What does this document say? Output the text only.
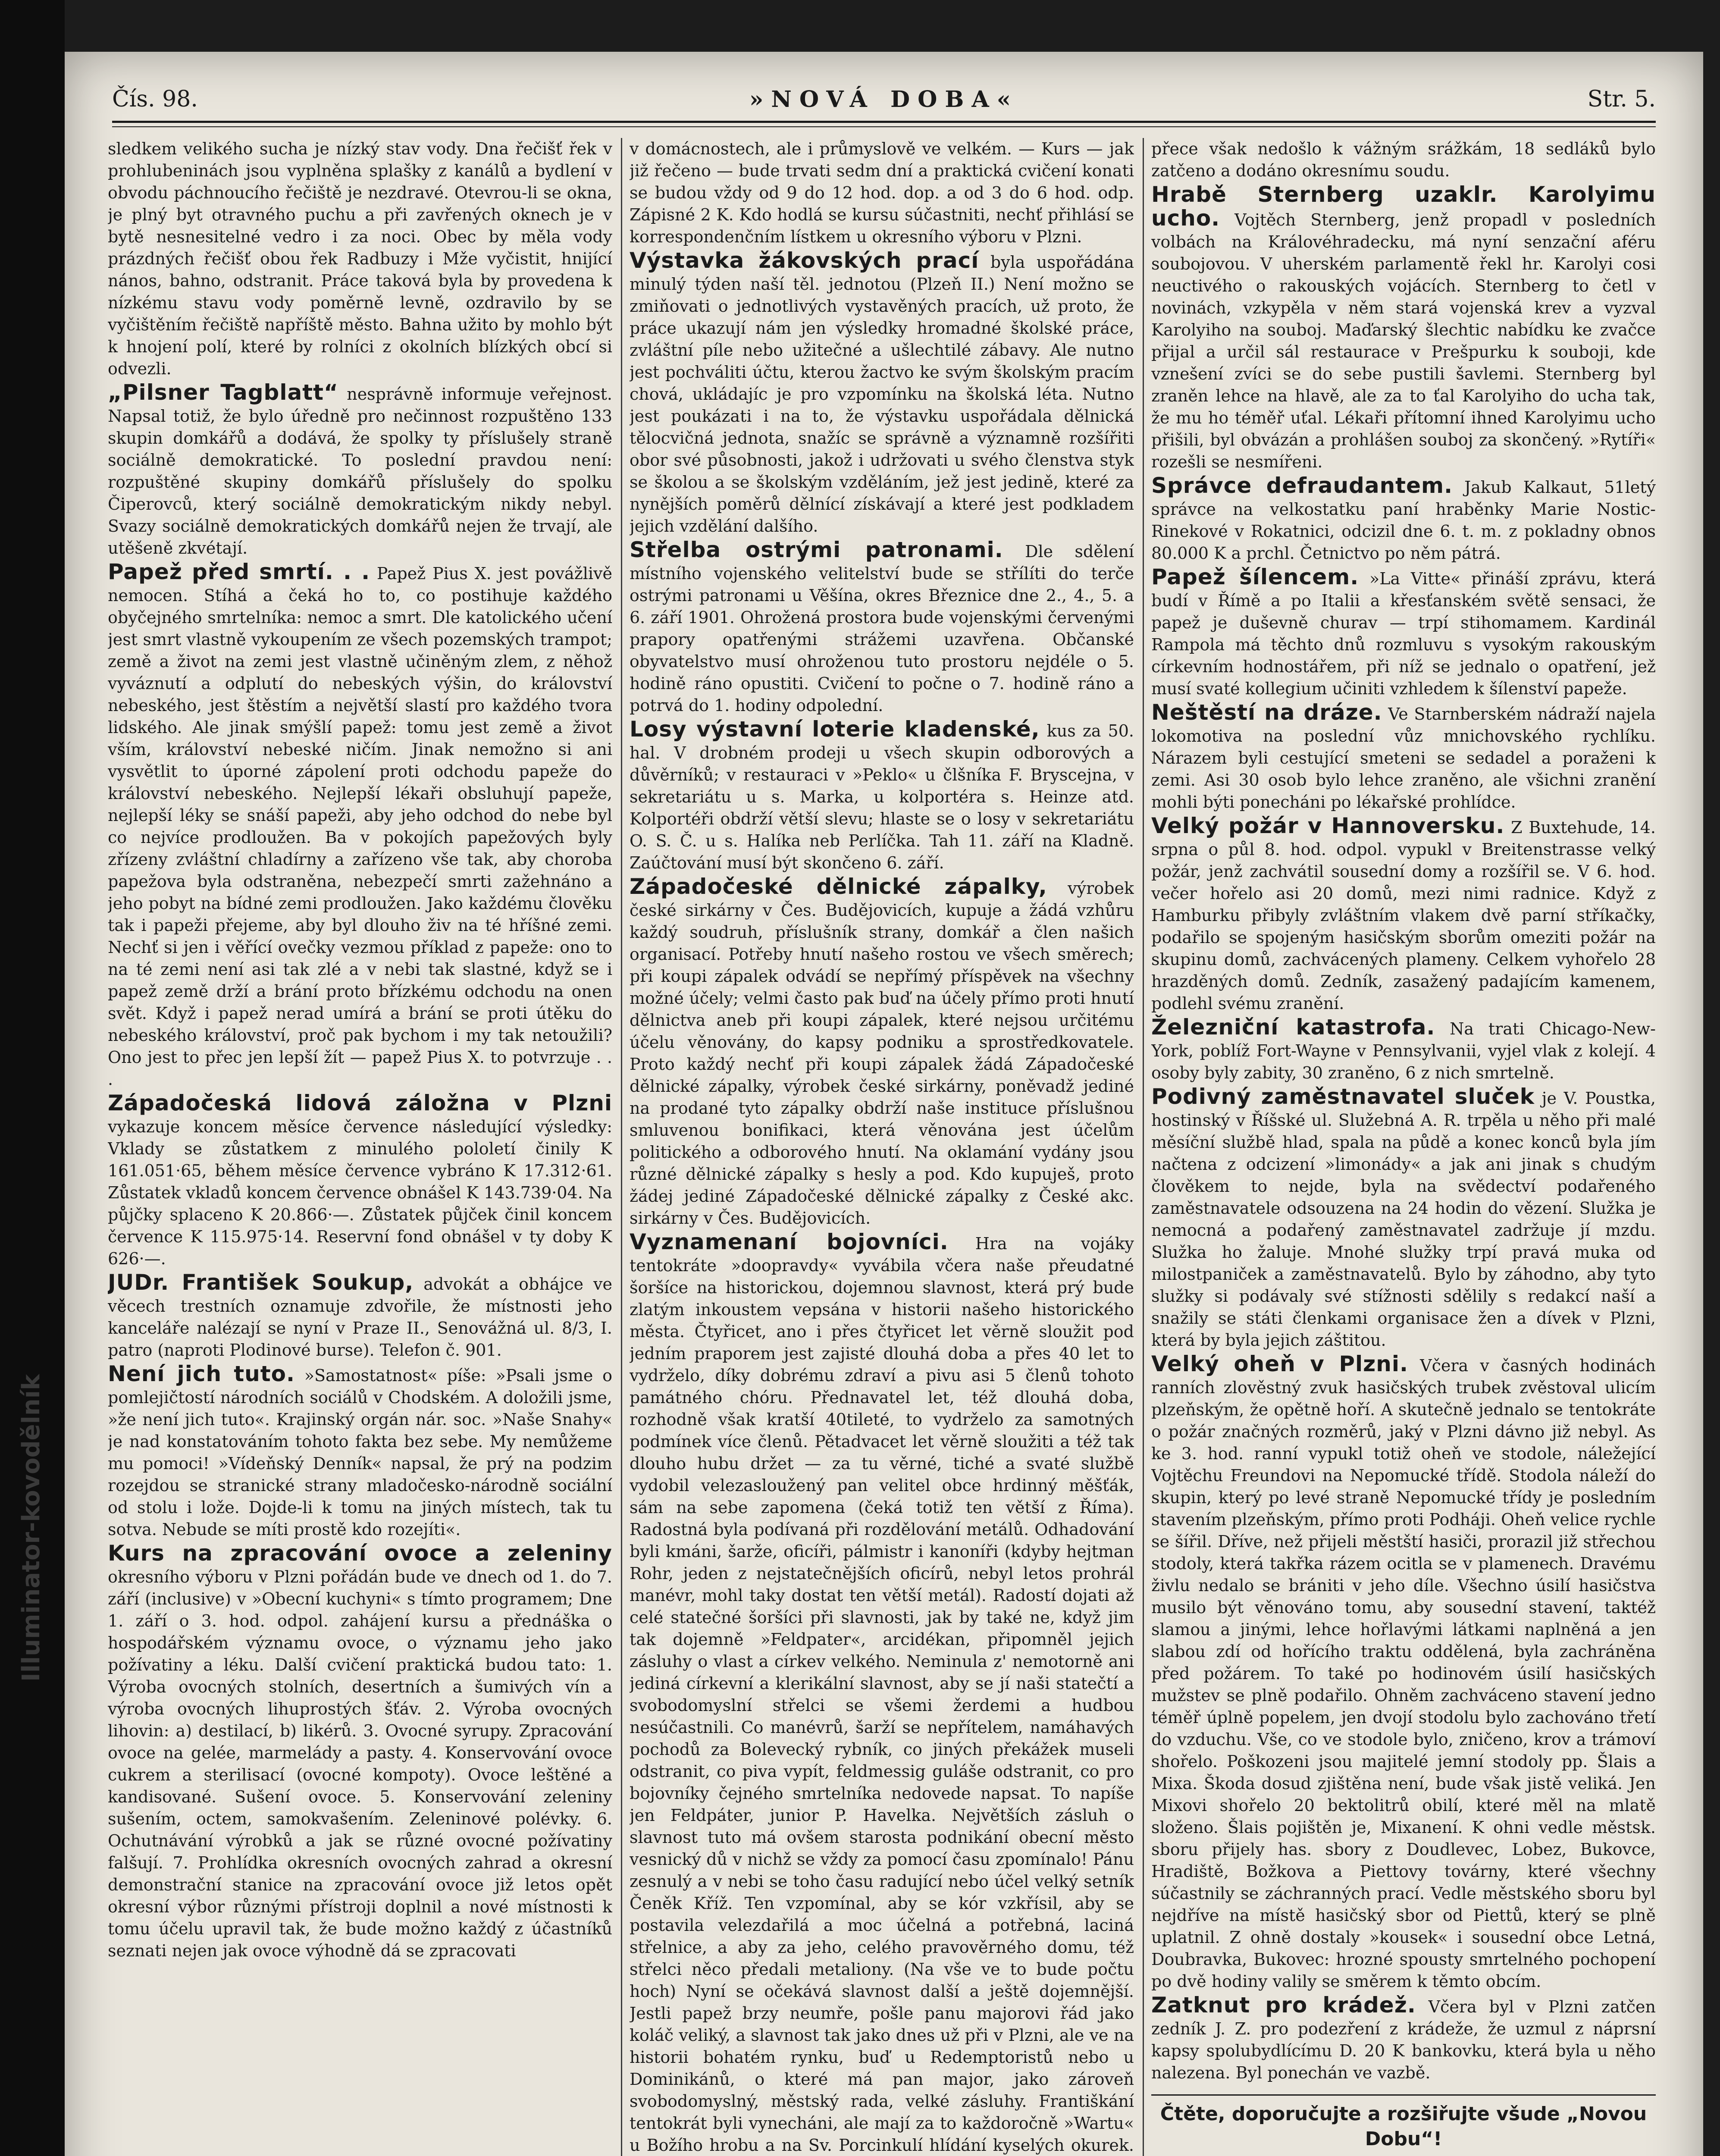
Illuminator-kovodělník
Čís. 98.	»NOVÁ DOBA«	Str. 5.

sledkem velikého sucha je nízký stav vody. Dna řečišť řek v prohlubeninách jsou vyplněna splašky z kanálů a bydlení v obvodu páchnoucího řečiště je nezdravé. Otevrou-li se okna, je plný byt otravného puchu a při zavřených oknech je v bytě nesnesitelné vedro i za noci. Obec by měla vody prázdných řečišť obou řek Radbuzy i Mže vyčistit, hnijící nános, bahno, odstranit. Práce taková byla by provedena k nízkému stavu vody poměrně levně, ozdravilo by se vyčištěním řečiště napříště město. Bahna užito by mohlo být k hnojení polí, které by rolníci z okolních blízkých obcí si odvezli.

„Pilsner Tagblatt“ nesprávně informuje veřejnost. Napsal totiž, že bylo úředně pro nečinnost rozpuštěno 133 skupin domkářů a dodává, že spolky ty příslušely straně sociálně demokratické. To poslední pravdou není: rozpuštěné skupiny domkářů příslušely do spolku Čiperovců, který sociálně demokratickým nikdy nebyl. Svazy sociálně demokratických domkářů nejen že trvají, ale utěšeně zkvétají.

Papež před smrtí. . . Papež Pius X. jest povážlivě nemocen. Stíhá a čeká ho to, co postihuje každého obyčejného smrtelníka: nemoc a smrt. Dle katolického učení jest smrt vlastně vykoupením ze všech pozemských trampot; země a život na zemi jest vlastně učiněným zlem, z něhož vyváznutí a odplutí do nebeských výšin, do království nebeského, jest štěstím a největší slastí pro každého tvora lidského. Ale jinak smýšlí papež: tomu jest země a život vším, království nebeské ničím. Jinak nemožno si ani vysvětlit to úporné zápolení proti odchodu papeže do království nebeského. Nejlepší lékaři obsluhují papeže, nejlepší léky se snáší papeži, aby jeho odchod do nebe byl co nejvíce prodloužen. Ba v pokojích papežových byly zřízeny zvláštní chladírny a zařízeno vše tak, aby choroba papežova byla odstraněna, nebezpečí smrti zažehnáno a jeho pobyt na bídné zemi prodloužen. Jako každému člověku tak i papeži přejeme, aby byl dlouho živ na té hříšné zemi. Nechť si jen i věřící ovečky vezmou příklad z papeže: ono to na té zemi není asi tak zlé a v nebi tak slastné, když se i papež země drží a brání proto břízkému odchodu na onen svět. Když i papež nerad umírá a brání se proti útěku do nebeského království, proč pak bychom i my tak netoužili? Ono jest to přec jen lepší žít — papež Pius X. to potvrzuje . . .

Západočeská lidová záložna v Plzni vykazuje koncem měsíce července následující výsledky: Vklady se zůstatkem z minulého pololetí činily K 161.051·65, během měsíce července vybráno K 17.312·61. Zůstatek vkladů koncem července obnášel K 143.739·04. Na půjčky splaceno K 20.866·—. Zůstatek půjček činil koncem července K 115.975·14. Reservní fond obnášel v ty doby K 626·—.

JUDr. František Soukup, advokát a obhájce ve věcech trestních oznamuje zdvořile, že místnosti jeho kanceláře nalézají se nyní v Praze II., Senovážná ul. 8/3, I. patro (naproti Plodinové burse). Telefon č. 901.

Není jich tuto. »Samostatnost« píše: »Psali jsme o pomlejičtostí národních sociálů v Chodském. A doložili jsme, »že není jich tuto«. Krajinský orgán nár. soc. »Naše Snahy« je nad konstatováním tohoto fakta bez sebe. My nemůžeme mu pomoci! »Vídeňský Denník« napsal, že prý na podzim rozejdou se stranické strany mladočesko-národně sociální od stolu i lože. Dojde-li k tomu na jiných místech, tak tu sotva. Nebude se míti prostě kdo rozejíti«.

Kurs na zpracování ovoce a zeleniny okresního výboru v Plzni pořádán bude ve dnech od 1. do 7. září (inclusive) v »Obecní kuchyni« s tímto programem; Dne 1. září o 3. hod. odpol. zahájení kursu a přednáška o hospodářském významu ovoce, o významu jeho jako požívatiny a léku. Další cvičení praktická budou tato: 1. Výroba ovocných stolních, desertních a šumivých vín a výroba ovocných lihuprostých šťáv. 2. Výroba ovocných lihovin: a) destilací, b) likérů. 3. Ovocné syrupy. Zpracování ovoce na gelée, marmelády a pasty. 4. Konservování ovoce cukrem a sterilisací (ovocné kompoty). Ovoce leštěné a kandisované. Sušení ovoce. 5. Konservování zeleniny sušením, octem, samokvašením. Zeleninové polévky. 6. Ochutnávání výrobků a jak se různé ovocné požívatiny falšují. 7. Prohlídka okresních ovocných zahrad a okresní demonstrační stanice na zpracování ovoce již letos opět okresní výbor různými přístroji doplnil a nové místnosti k tomu účelu upravil tak, že bude možno každý z účastníků seznati nejen jak ovoce výhodně dá se zpracovati

v domácnostech, ale i průmyslově ve velkém. — Kurs — jak již řečeno — bude trvati sedm dní a praktická cvičení konati se budou vždy od 9 do 12 hod. dop. a od 3 do 6 hod. odp. Zápisné 2 K. Kdo hodlá se kursu súčastniti, nechť přihlásí se korrespondenčním lístkem u okresního výboru v Plzni.

Výstavka žákovských prací byla uspořádána minulý týden naší těl. jednotou (Plzeň II.) Není možno se zmiňovati o jednotlivých vystavěných pracích, už proto, že práce ukazují nám jen výsledky hromadné školské práce, zvláštní píle nebo užitečné a ušlechtilé zábavy. Ale nutno jest pochváliti účtu, kterou žactvo ke svým školským pracím chová, ukládajíc je pro vzpomínku na školská léta. Nutno jest poukázati i na to, že výstavku uspořádala dělnická tělocvičná jednota, snažíc se správně a významně rozšířiti obor své působnosti, jakož i udržovati u svého členstva styk se školou a se školským vzděláním, jež jest jedině, které za nynějších poměrů dělnící získávají a které jest podkladem jejich vzdělání dalšího.

Střelba ostrými patronami. Dle sdělení místního vojenského velitelství bude se střílíti do terče ostrými patronami u Věšína, okres Březnice dne 2., 4., 5. a 6. září 1901. Ohrožená prostora bude vojenskými červenými prapory opatřenými strážemi uzavřena. Občanské obyvatelstvo musí ohroženou tuto prostoru nejdéle o 5. hodině ráno opustiti. Cvičení to počne o 7. hodině ráno a potrvá do 1. hodiny odpolední.

Losy výstavní loterie kladenské, kus za 50. hal. V drobném prodeji u všech skupin odborových a důvěrníků; v restauraci v »Peklo« u člšníka F. Bryscejna, v sekretariátu u s. Marka, u kolportéra s. Heinze atd. Kolportéři obdrží větší slevu; hlaste se o losy v sekretariátu O. S. Č. u s. Halíka neb Perlíčka. Tah 11. září na Kladně. Zaúčtování musí být skončeno 6. září.

Západočeské dělnické zápalky, výrobek české sirkárny v Čes. Budějovicích, kupuje a žádá vzhůru každý soudruh, příslušník strany, domkář a člen našich organisací. Potřeby hnutí našeho rostou ve všech směrech; při koupi zápalek odvádí se nepřímý příspěvek na všechny možné účely; velmi často pak buď na účely přímo proti hnutí dělnictva aneb při koupi zápalek, které nejsou určitému účelu věnovány, do kapsy podniku a sprostředkovatele. Proto každý nechť při koupi zápalek žádá Západočeské dělnické zápalky, výrobek české sirkárny, poněvadž jediné na prodané tyto zápalky obdrží naše instituce příslušnou smluvenou bonifikaci, která věnována jest účelům politického a odborového hnutí. Na oklamání vydány jsou různé dělnické zápalky s hesly a pod. Kdo kupuješ, proto žádej jediné Západočeské dělnické zápalky z České akc. sirkárny v Čes. Budějovicích.

Vyznamenaní bojovníci. Hra na vojáky tentokráte »doopravdy« vyvábila včera naše přeudatné šoršíce na historickou, dojemnou slavnost, která prý bude zlatým inkoustem vepsána v historii našeho historického města. Čtyřicet, ano i přes čtyřicet let věrně sloužit pod jedním praporem jest zajisté dlouhá doba a přes 40 let to vydrželo, díky dobrému zdraví a pivu asi 5 členů tohoto památného chóru. Přednavatel let, též dlouhá doba, rozhodně však kratší 40tileté, to vydrželo za samotných podmínek více členů. Pětadvacet let věrně sloužiti a též tak dlouho hubu držet — za tu věrné, tiché a svaté službě vydobil velezasloužený pan velitel obce hrdinný měšťák, sám na sebe zapomena (čeká totiž ten větší z Říma). Radostná byla podívaná při rozdělování metálů. Odhadování byli kmáni, šarže, oficíři, pálmistr i kanoníři (kdyby hejtman Rohr, jeden z nejstatečnějších oficírů, nebyl letos prohrál manévr, mohl taky dostat ten větší metál). Radostí dojati až celé statečné šoršíci při slavnosti, jak by také ne, když jim tak dojemně »Feldpater«, arcidékan, připomněl jejich zásluhy o vlast a církev velkého. Neminula z' nemotorně ani jediná církevní a klerikální slavnost, aby se jí naši statečtí a svobodomyslní střelci se všemi žerdemi a hudbou nesúčastnili. Co manévrů, šarží se nepřítelem, namáhavých pochodů za Bolevecký rybník, co jiných překážek museli odstranit, co piva vypít, feldmessig guláše odstranit, co pro bojovníky čejného smrtelníka nedovede napsat. To napíše jen Feldpáter, junior P. Havelka. Největších zásluh o slavnost tuto má ovšem starosta podnikání obecní město vesnický dů v nichž se vždy za pomocí času zpomínalo! Pánu zesnulý a v nebi se toho času radující nebo účel velký setník Čeněk Kříž. Ten vzpomínal, aby se kór vzkřísil, aby se postavila velezdařilá a moc účelná a potřebná, laciná střelnice, a aby za jeho, celého pravověrného domu, též střelci něco předali metaliony. (Na vše ve to bude počtu hoch) Nyní se očekává slavnost další a ještě dojemnější. Jestli papež brzy neumře, pošle panu majorovi řád jako koláč veliký, a slavnost tak jako dnes už při v Plzni, ale ve na historii bohatém rynku, buď u Redemptoristů nebo u Dominikánů, o které má pan major, jako zároveň svobodomyslný, městský rada, velké zásluhy. Františkání tentokrát byli vynecháni, ale mají za to každoročně »Wartu« u Božího hrobu a na Sv. Porcinkulí hlídání kyselých okurek.

přece však nedošlo k vážným srážkám, 18 sedláků bylo zatčeno a dodáno okresnímu soudu.

Hrabě Sternberg uzaklr. Karolyimu ucho. Vojtěch Sternberg, jenž propadl v posledních volbách na Královéhradecku, má nyní senzační aféru soubojovou. V uherském parlamentě řekl hr. Karolyi cosi neuctivého o rakouských vojácích. Sternberg to četl v novinách, vzkypěla v něm stará vojenská krev a vyzval Karolyiho na souboj. Maďarský šlechtic nabídku ke zvačce přijal a určil sál restaurace v Prešpurku k souboji, kde vznešení zvíci se do sebe pustili šavlemi. Sternberg byl zraněn lehce na hlavě, ale za to ťal Karolyiho do ucha tak, že mu ho téměř uťal. Lékaři přítomní ihned Karolyimu ucho přišili, byl obvázán a prohlášen souboj za skončený. »Rytíři« rozešli se nesmířeni.

Správce defraudantem. Jakub Kalkaut, 51letý správce na velkostatku paní hraběnky Marie Nostic-Rinekové v Rokatnici, odcizil dne 6. t. m. z pokladny obnos 80.000 K a prchl. Četnictvo po něm pátrá.

Papež šílencem. »La Vitte« přináší zprávu, která budí v Římě a po Italii a křesťanském světě sensaci, že papež je duševně churav — trpí stihomamem. Kardinál Rampola má těchto dnů rozmluvu s vysokým rakouským církevním hodnostářem, při níž se jednalo o opatření, jež musí svaté kollegium učiniti vzhledem k šílenství papeže.

Neštěstí na dráze. Ve Starnberském nádraží najela lokomotiva na poslední vůz mnichovského rychlíku. Nárazem byli cestující smeteni se sedadel a poraženi k zemi. Asi 30 osob bylo lehce zraněno, ale všichni zranění mohli býti ponecháni po lékařské prohlídce.

Velký požár v Hannoversku. Z Buxtehude, 14. srpna o půl 8. hod. odpol. vypukl v Breitenstrasse velký požár, jenž zachvátil sousední domy a rozšířil se. V 6. hod. večer hořelo asi 20 domů, mezi nimi radnice. Když z Hamburku přibyly zvláštním vlakem dvě parní stříkačky, podařilo se spojeným hasičským sborům omeziti požár na skupinu domů, zachvácených plameny. Celkem vyhořelo 28 hrazděných domů. Zedník, zasažený padajícím kamenem, podlehl svému zranění.

Železniční katastrofa. Na trati Chicago-New-York, poblíž Fort-Wayne v Pennsylvanii, vyjel vlak z kolejí. 4 osoby byly zabity, 30 zraněno, 6 z nich smrtelně.

Podivný zaměstnavatel sluček je V. Poustka, hostinský v Říšské ul. Služebná A. R. trpěla u něho při malé měsíční službě hlad, spala na půdě a konec konců byla jím načtena z odcizení »limonády« a jak ani jinak s chudým člověkem to nejde, byla na svědectví podařeného zaměstnavatele odsouzena na 24 hodin do vězení. Služka je nemocná a podařený zaměstnavatel zadržuje jí mzdu. Služka ho žaluje. Mnohé služky trpí pravá muka od milostpaniček a zaměstnavatelů. Bylo by záhodno, aby tyto služky si podávaly své stížnosti sdělily s redakcí naší a snažily se státi členkami organisace žen a dívek v Plzni, která by byla jejich záštitou.

Velký oheň v Plzni. Včera v časných hodinách ranních zlověstný zvuk hasičských trubek zvěstoval ulicím plzeňským, že opětně hoří. A skutečně jednalo se tentokráte o požár značných rozměrů, jaký v Plzni dávno již nebyl. As ke 3. hod. ranní vypukl totiž oheň ve stodole, náležející Vojtěchu Freundovi na Nepomucké třídě. Stodola náleží do skupin, který po levé straně Nepomucké třídy je posledním stavením plzeňským, přímo proti Podháji. Oheň velice rychle se šířil. Dříve, než přijeli městští hasiči, prorazil již střechou stodoly, která takřka rázem ocitla se v plamenech. Dravému živlu nedalo se brániti v jeho díle. Všechno úsilí hasičstva musilo být věnováno tomu, aby sousední stavení, taktéž slamou a jinými, lehce hořlavými látkami naplněná a jen slabou zdí od hořícího traktu oddělená, byla zachráněna před požárem. To také po hodinovém úsilí hasičských mužstev se plně podařilo. Ohněm zachváceno stavení jedno téměř úplně popelem, jen dvojí stodolu bylo zachováno třetí do vzduchu. Vše, co ve stodole bylo, zničeno, krov a trámoví shořelo. Poškozeni jsou majitelé jemní stodoly pp. Šlais a Mixa. Škoda dosud zjištěna není, bude však jistě veliká. Jen Mixovi shořelo 20 bektolitrů obilí, které měl na mlatě složeno. Šlais pojištěn je, Mixanení. K ohni vedle městsk. sboru přijely has. sbory z Doudlevec, Lobez, Bukovce, Hradiště, Božkova a Piettovy továrny, které všechny súčastnily se záchranných prací. Vedle městského sboru byl nejdříve na místě hasičský sbor od Piettů, který se plně uplatnil. Z ohně dostaly »kousek« i sousední obce Letná, Doubravka, Bukovec: hrozné spousty smrtelného pochopení po dvě hodiny valily se směrem k těmto obcím.

Zatknut pro krádež. Včera byl v Plzni zatčen zedník J. Z. pro podezření z krádeže, že uzmul z náprsní kapsy spolubydlícímu D. 20 K bankovku, která byla u něho nalezena. Byl ponechán ve vazbě.

Čtěte, doporučujte a rozšiřujte všude „Novou Dobu“!
